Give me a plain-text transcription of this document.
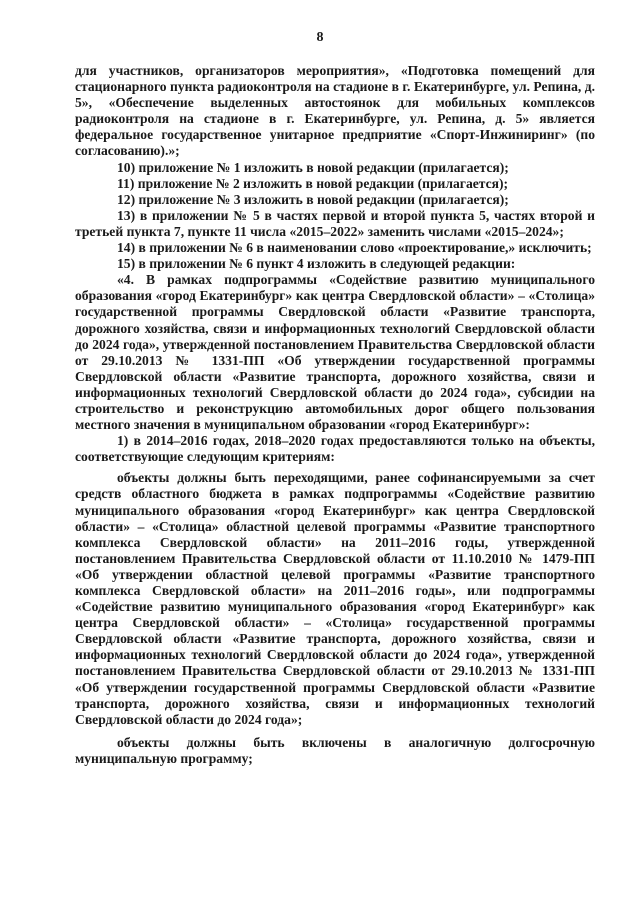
8

для участников, организаторов мероприятия», «Подготовка помещений для стационарного пункта радиоконтроля на стадионе в г. Екатеринбурге, ул. Репина, д. 5», «Обеспечение выделенных автостоянок для мобильных комплексов радиоконтроля на стадионе в г. Екатеринбурге, ул. Репина, д. 5» является федеральное государственное унитарное предприятие «Спорт-Инжиниринг» (по согласованию).»;

10) приложение № 1 изложить в новой редакции (прилагается);

11) приложение № 2 изложить в новой редакции (прилагается);

12) приложение № 3 изложить в новой редакции (прилагается);

13) в приложении № 5 в частях первой и второй пункта 5, частях второй и третьей пункта 7, пункте 11 числа «2015–2022» заменить числами «2015–2024»;

14) в приложении № 6 в наименовании слово «проектирование,» исключить;

15) в приложении № 6 пункт 4 изложить в следующей редакции:

«4. В рамках подпрограммы «Содействие развитию муниципального образования «город Екатеринбург» как центра Свердловской области» – «Столица» государственной программы Свердловской области «Развитие транспорта, дорожного хозяйства, связи и информационных технологий Свердловской области до 2024 года», утвержденной постановлением Правительства Свердловской области от 29.10.2013 № 1331-ПП «Об утверждении государственной программы Свердловской области «Развитие транспорта, дорожного хозяйства, связи и информационных технологий Свердловской области до 2024 года», субсидии на строительство и реконструкцию автомобильных дорог общего пользования местного значения в муниципальном образовании «город Екатеринбург»:

1) в 2014–2016 годах, 2018–2020 годах предоставляются только на объекты, соответствующие следующим критериям:

объекты должны быть переходящими, ранее софинансируемыми за счет средств областного бюджета в рамках подпрограммы «Содействие развитию муниципального образования «город Екатеринбург» как центра Свердловской области» – «Столица» областной целевой программы «Развитие транспортного комплекса Свердловской области» на 2011–2016 годы, утвержденной постановлением Правительства Свердловской области от 11.10.2010 № 1479-ПП «Об утверждении областной целевой программы «Развитие транспортного комплекса Свердловской области» на 2011–2016 годы», или подпрограммы «Содействие развитию муниципального образования «город Екатеринбург» как центра Свердловской области» – «Столица» государственной программы Свердловской области «Развитие транспорта, дорожного хозяйства, связи и информационных технологий Свердловской области до 2024 года», утвержденной постановлением Правительства Свердловской области от 29.10.2013 № 1331-ПП «Об утверждении государственной программы Свердловской области «Развитие транспорта, дорожного хозяйства, связи и информационных технологий Свердловской области до 2024 года»;

объекты должны быть включены в аналогичную долгосрочную муниципальную программу;
